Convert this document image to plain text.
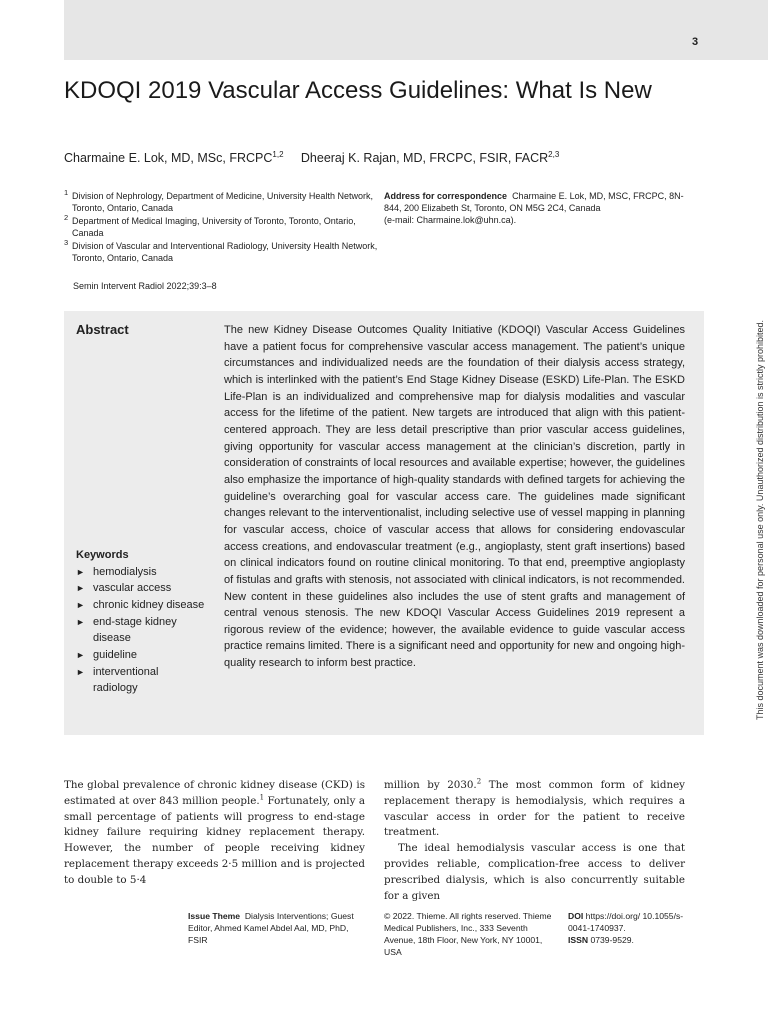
3
KDOQI 2019 Vascular Access Guidelines: What Is New
Charmaine E. Lok, MD, MSc, FRCPC$^{1,2}$ Dheeraj K. Rajan, MD, FRCPC, FSIR, FACR$^{2,3}$
1 Division of Nephrology, Department of Medicine, University Health Network, Toronto, Ontario, Canada
2 Department of Medical Imaging, University of Toronto, Toronto, Ontario, Canada
3 Division of Vascular and Interventional Radiology, University Health Network, Toronto, Ontario, Canada
Address for correspondence Charmaine E. Lok, MD, MSC, FRCPC, 8N-844, 200 Elizabeth St, Toronto, ON M5G 2C4, Canada
(e-mail: Charmaine.lok@uhn.ca).
Semin Intervent Radiol 2022;39:3–8
Abstract	The new Kidney Disease Outcomes Quality Initiative (KDOQI) Vascular Access Guidelines have a patient focus for comprehensive vascular access management. The patient’s unique circumstances and individualized needs are the foundation of their dialysis access strategy, which is interlinked with the patient’s End Stage Kidney Disease (ESKD) Life-Plan. The ESKD Life-Plan is an individualized and comprehensive map for dialysis modalities and vascular access for the lifetime of the patient. New targets are introduced that align with this patient-centered approach. They are less detail prescriptive than prior vascular access guidelines, giving opportunity for vascular access management at the clinician’s discretion, partly in consideration of constraints of local resources and available expertise; however, the guidelines also emphasize the importance of high-quality standards with defined targets for achieving the guideline’s overarching goal for vascular access care. The guidelines made significant changes relevant to the interventionalist, including selective use of vessel mapping in planning for vascular access, choice of vascular access that allows for considering endovascular access creations, and endovascular treatment (e.g., angioplasty, stent graft insertions) based on clinical indicators found on routine clinical monitoring. To that end, preemptive angioplasty of fistulas and grafts with stenosis, not associated with clinical indicators, is not recommended. New content in these guidelines also includes the use of stent grafts and management of central venous stenosis. The new KDOQI Vascular Access Guidelines 2019 represent a rigorous review of the evidence; however, the available evidence to guide vascular access practice remains limited. There is a significant need and opportunity for new and ongoing high-quality research to inform best practice.
Keywords
► hemodialysis
► vascular access
► chronic kidney disease
► end-stage kidney disease
► guideline
► interventional radiology	This document was downloaded for personal use only. Unauthorized distribution is strictly prohibited.

The global prevalence of chronic kidney disease (CKD) is estimated at over 843 million people.$^1$ Fortunately, only a small percentage of patients will progress to end-stage kidney failure requiring kidney replacement therapy. However, the number of people receiving kidney replacement therapy exceeds 2·5 million and is projected to double to 5·4

million by 2030.$^2$ The most common form of kidney replacement therapy is hemodialysis, which requires a vascular access in order for the patient to receive treatment.

The ideal hemodialysis vascular access is one that provides reliable, complication-free access to deliver prescribed dialysis, which is also concurrently suitable for a given

Issue Theme Dialysis Interventions; Guest Editor, Ahmed Kamel Abdel Aal, MD, PhD, FSIR
© 2022. Thieme. All rights reserved. Thieme Medical Publishers, Inc., 333 Seventh Avenue, 18th Floor, New York, NY 10001, USA
DOI https://doi.org/ 10.1055/s-0041-1740937.
ISSN 0739-9529.
